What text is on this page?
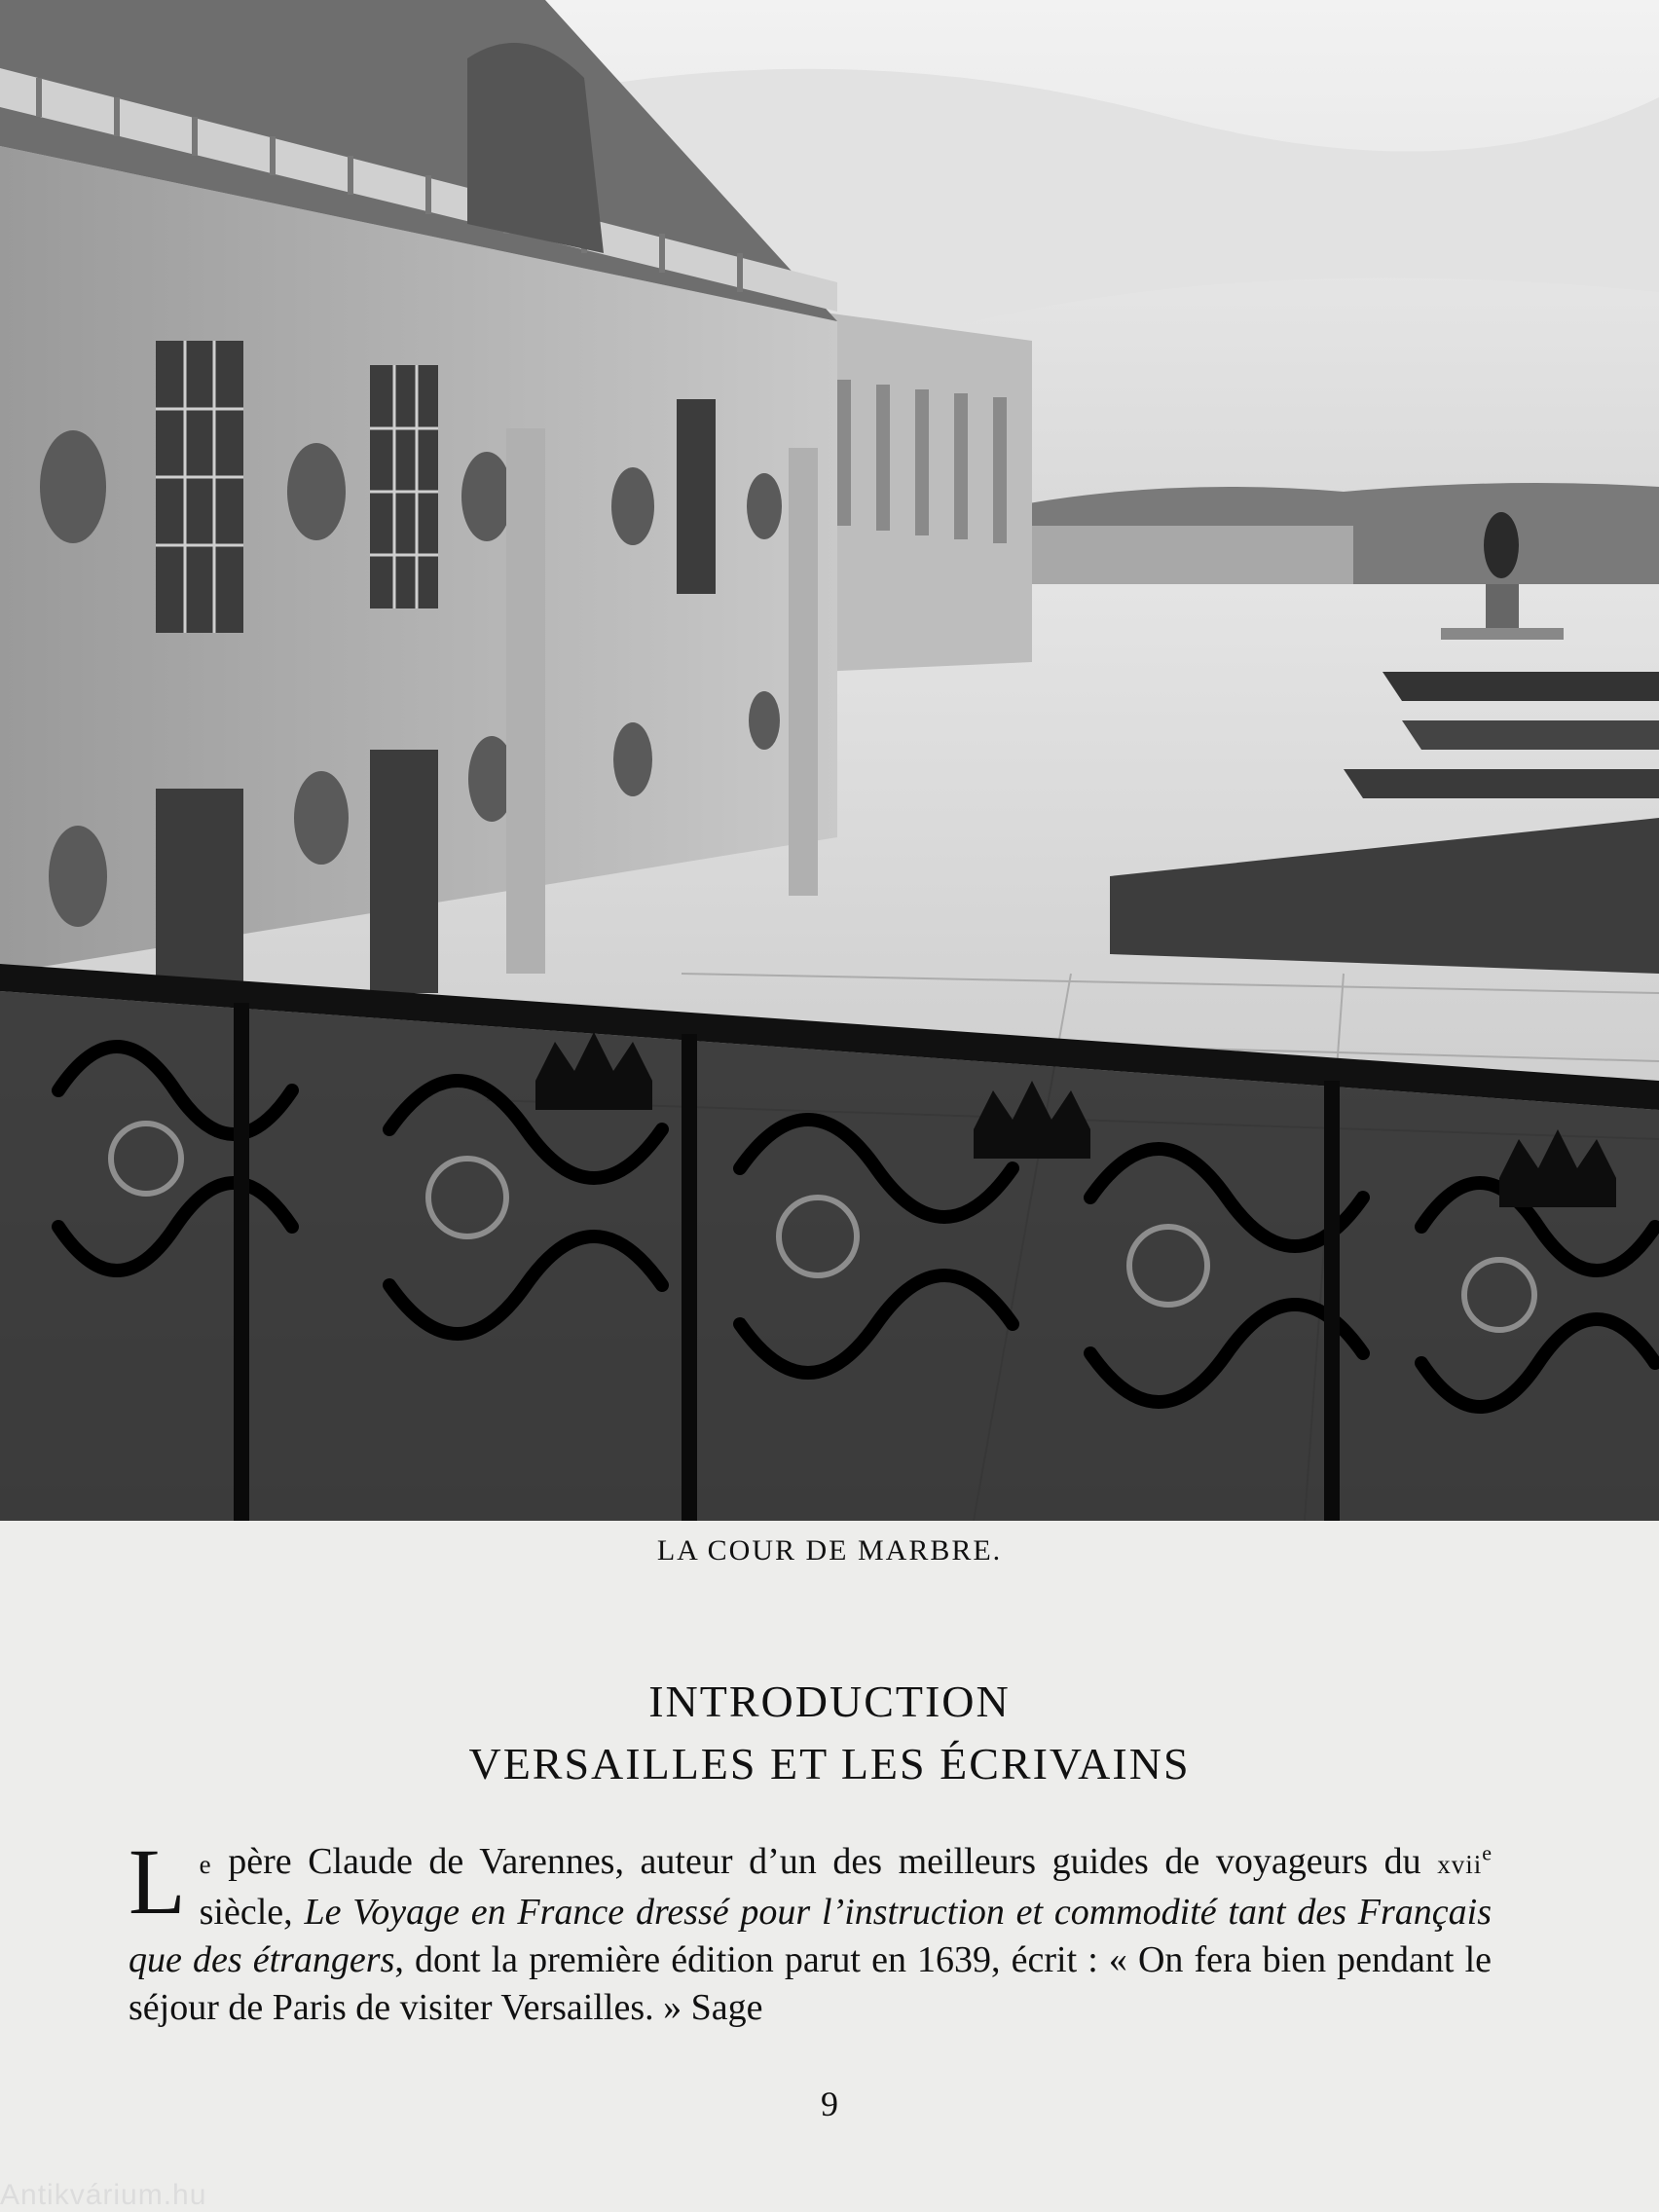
LA COUR DE MARBRE.
INTRODUCTION
VERSAILLES ET LES ÉCRIVAINS
Le père Claude de Varennes, auteur d’un des meilleurs guides de voyageurs du xvii$^e$ siècle, Le Voyage en France dressé pour l’instruction et commodité tant des Français que des étrangers, dont la première édition parut en 1639, écrit : « On fera bien pendant le séjour de Paris de visiter Versailles. » Sage
9
Antikvárium.hu
